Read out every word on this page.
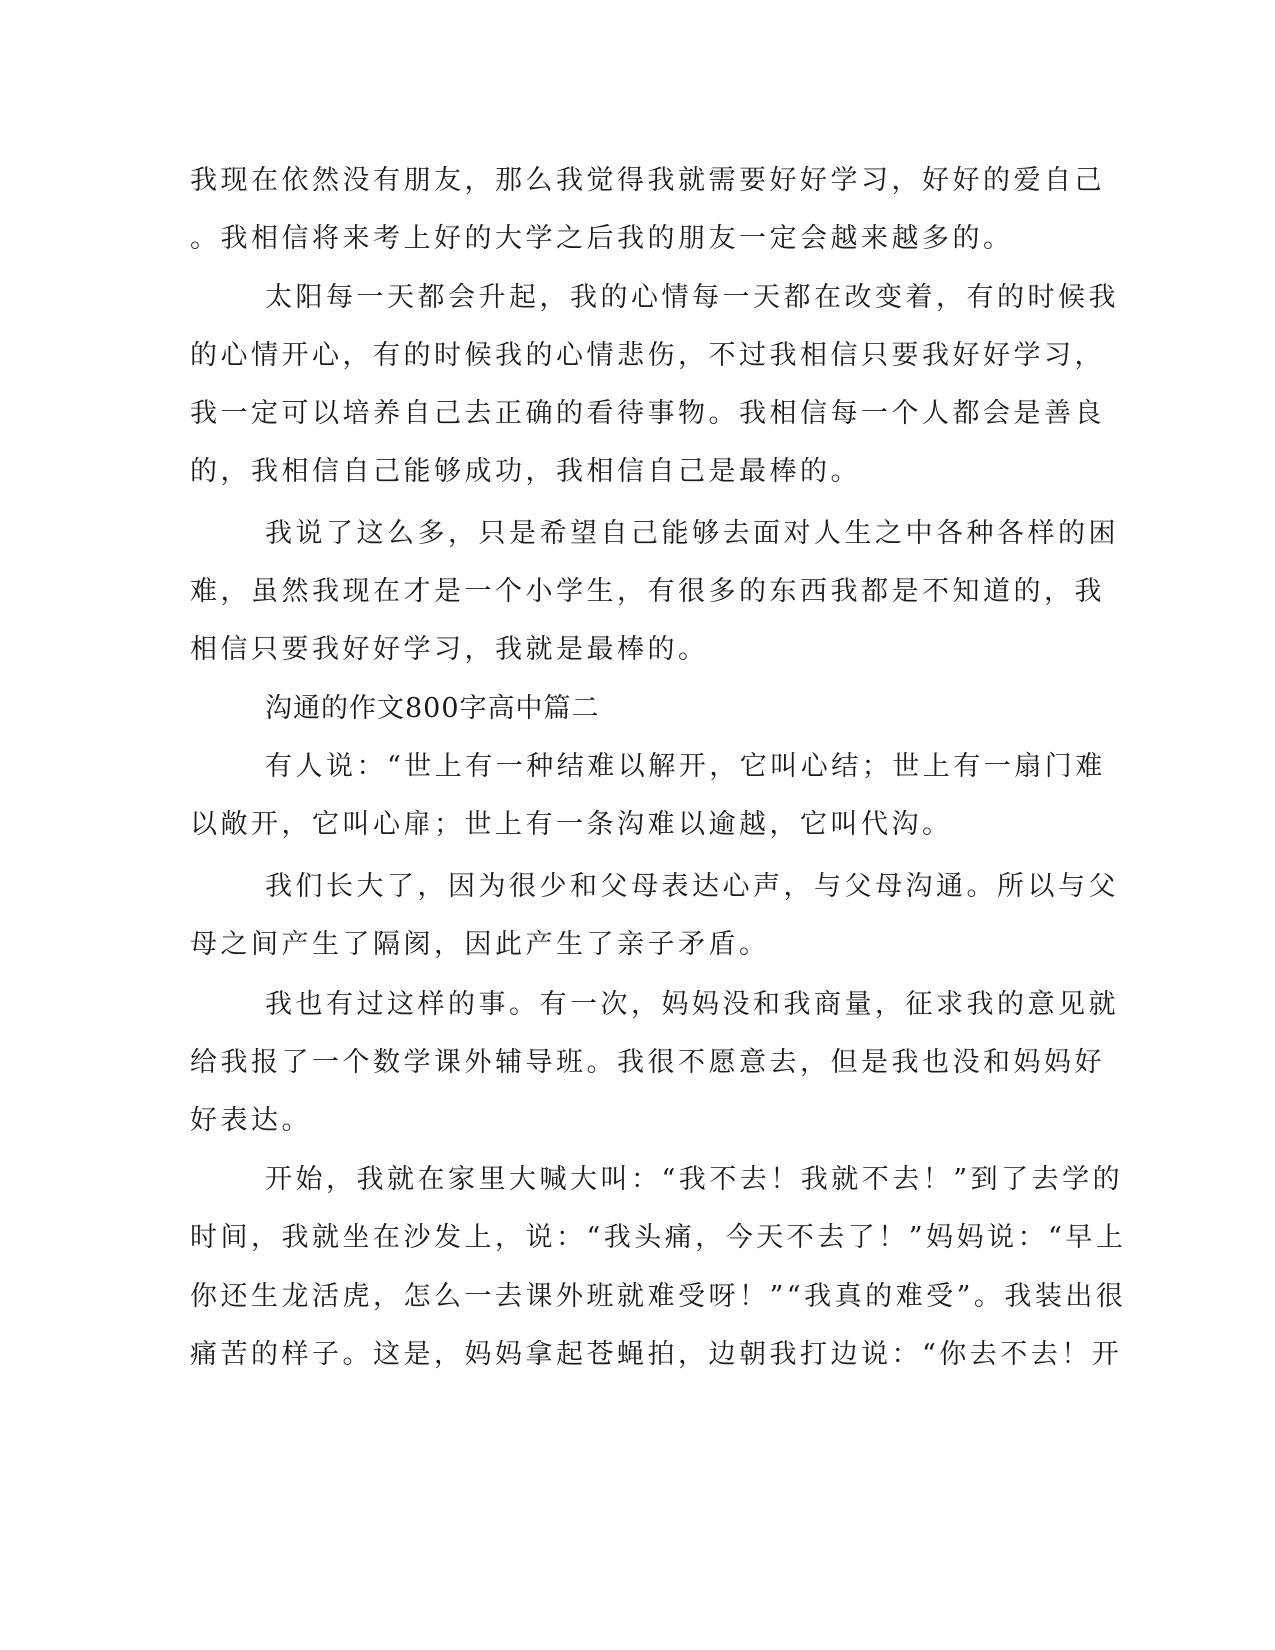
我现在依然没有朋友，那么我觉得我就需要好好学习，好好的爱自己
。我相信将来考上好的大学之后我的朋友一定会越来越多的。
太阳每一天都会升起，我的心情每一天都在改变着，有的时候我
的心情开心，有的时候我的心情悲伤，不过我相信只要我好好学习，
我一定可以培养自己去正确的看待事物。我相信每一个人都会是善良
的，我相信自己能够成功，我相信自己是最棒的。
我说了这么多，只是希望自己能够去面对人生之中各种各样的困
难，虽然我现在才是一个小学生，有很多的东西我都是不知道的，我
相信只要我好好学习，我就是最棒的。
沟通的作文800字高中篇二
有人说：“世上有一种结难以解开，它叫心结；世上有一扇门难
以敞开，它叫心扉；世上有一条沟难以逾越，它叫代沟。
我们长大了，因为很少和父母表达心声，与父母沟通。所以与父
母之间产生了隔阂，因此产生了亲子矛盾。
我也有过这样的事。有一次，妈妈没和我商量，征求我的意见就
给我报了一个数学课外辅导班。我很不愿意去，但是我也没和妈妈好
好表达。
开始，我就在家里大喊大叫：“我不去！我就不去！”到了去学的
时间，我就坐在沙发上，说：“我头痛，今天不去了！”妈妈说：“早上
你还生龙活虎，怎么一去课外班就难受呀！”“我真的难受”。我装出很
痛苦的样子。这是，妈妈拿起苍蝇拍，边朝我打边说：“你去不去！开
